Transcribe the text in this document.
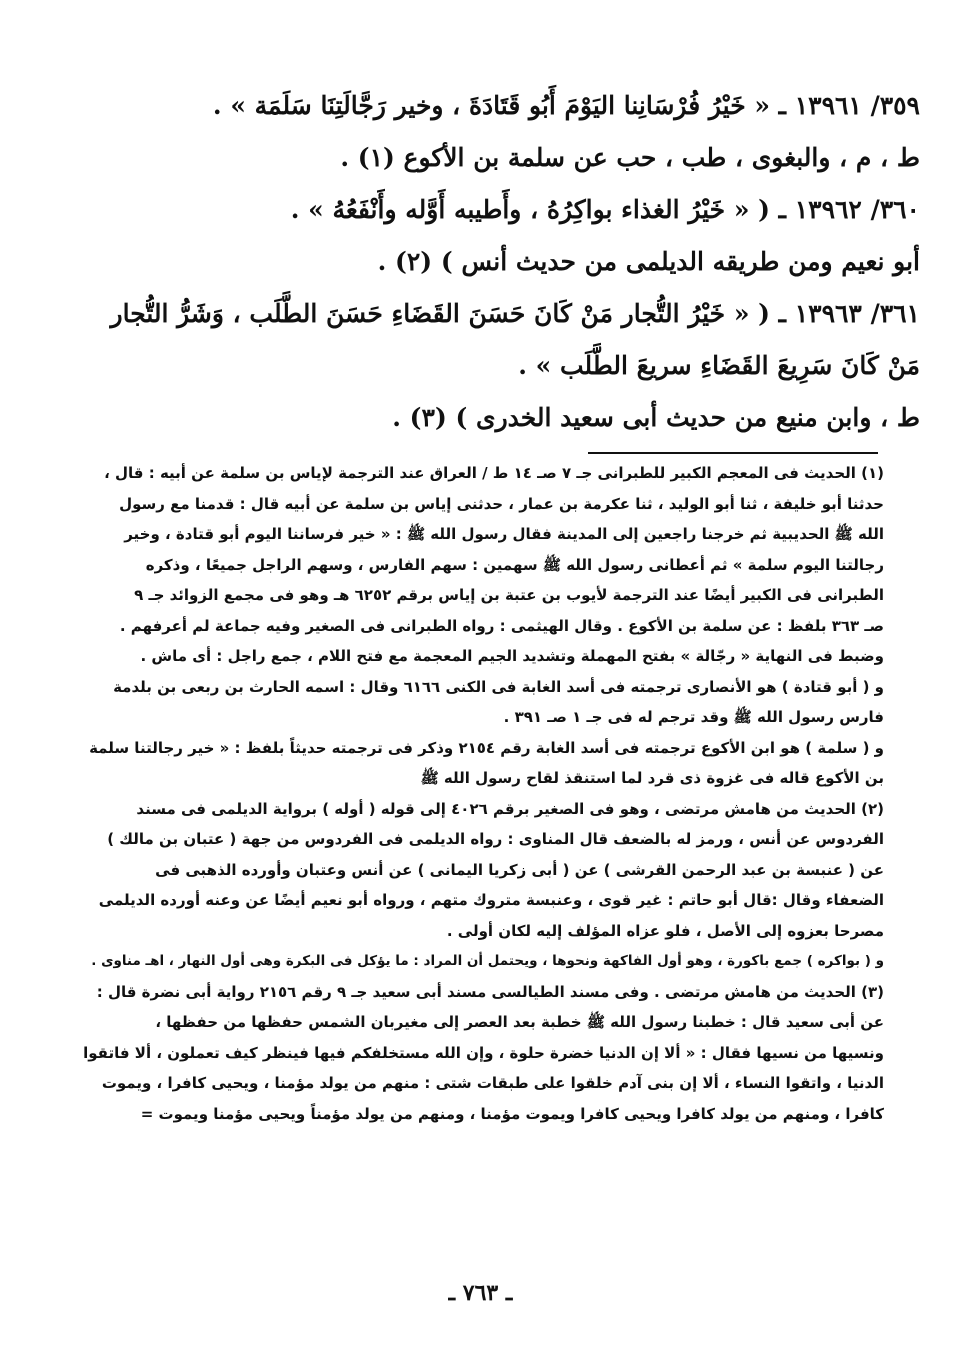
٣٥٩/ ١٣٩٦١ ـ « خَيْرُ فُرْسَانِنا اليَوْمَ أَبُو قَتَادَةَ ، وخير رَجَّالَتِنَا سَلَمَة » .
ط ، م ، والبغوى ، طب ، حب عن سلمة بن الأكوع (١) .
٣٦٠/ ١٣٩٦٢ ـ ( « خَيْرُ الغذاء بواكِرُهُ ، وأَطيبه أَوَّله وأَنْفَعُهُ » .
أبو نعيم ومن طريقه الديلمى من حديث أنس ) (٢) .
٣٦١/ ١٣٩٦٣ ـ ( « خَيْرُ التُّجار مَنْ كَانَ حَسَنَ القَضَاءِ حَسَنَ الطَّلَب ، وَشَرُّ التُّجار
مَنْ كَانَ سَرِيعَ القَضَاءِ سريعَ الطَّلَب » .
ط ، وابن منيع من حديث أبى سعيد الخدرى ) (٣) .
(١) الحديث فى المعجم الكبير للطبرانى جـ ٧ صـ ١٤ ط / العراق عند الترجمة لإياس بن سلمة عن أبيه : قال ،
حدثنا أبو خليفة ، ثنا أبو الوليد ، ثنا عكرمة بن عمار ، حدثنى إياس بن سلمة عن أبيه قال : قدمنا مع رسول
الله ﷺ الحديبية ثم خرجنا راجعين إلى المدينة فقال رسول الله ﷺ : « خير فرساننا اليوم أبو قتادة ، وخير
رجالتنا اليوم سلمة » ثم أعطانى رسول الله ﷺ سهمين : سهم الفارس ، وسهم الراجل جميعًا ، وذكره
الطبرانى فى الكبير أيضًا عند الترجمة لأيوب بن عتبة بن إياس برقم ٦٢٥٢ هـ وهو فى مجمع الزوائد جـ ٩
صـ ٣٦٣ بلفظ : عن سلمة بن الأكوع . وقال الهيثمى : رواه الطبرانى فى الصغير وفيه جماعة لم أعرفهم .
وضبط فى النهاية « رجّالة » بفتح المهملة وتشديد الجيم المعجمة مع فتح اللام ، جمع راجل : أى ماش .
و ( أبو قتادة ) هو الأنصارى ترجمته فى أسد الغابة فى الكنى ٦١٦٦ وقال : اسمه الحارث بن ربعى بن بلدمة
فارس رسول الله ﷺ وقد ترجم له فى جـ ١ صـ ٣٩١ .
و ( سلمة ) هو ابن الأكوع ترجمته فى أسد الغابة رقم ٢١٥٤ وذكر فى ترجمته حديثاً بلفظ : « خير رجالتنا سلمة
بن الأكوع قاله فى غزوة ذى قرد لما استنقذ لقاح رسول الله ﷺ
(٢) الحديث من هامش مرتضى ، وهو فى الصغير برقم ٤٠٢٦ إلى قوله ( أوله ) برواية الديلمى فى مسند
الفردوس عن أنس ، ورمز له بالضعف قال المناوى : رواه الديلمى فى الفردوس من جهة ( عتبان بن مالك )
عن ( عنبسة بن عبد الرحمن القرشى ) عن ( أبى زكريا اليمانى ) عن أنس وعتبان وأورده الذهبى فى
الضعفاء وقال :قال أبو حاتم : غير قوى ، وعنبسة متروك متهم ، ورواه أبو نعيم أيضًا عن وعنه أورده الديلمى
مصرحا بعزوه إلى الأصل ، فلو عزاه المؤلف إليه لكان أولى .
و ( بواكره ) جمع باكورة ، وهو أول الفاكهة ونحوها ، ويحتمل أن المراد : ما يؤكل فى البكرة وهى أول النهار ، اهـ مناوى .
(٣) الحديث من هامش مرتضى . وفى مسند الطيالسى مسند أبى سعيد جـ ٩ رقم ٢١٥٦ رواية أبى نضرة قال :
عن أبى سعيد قال : خطبنا رسول الله ﷺ خطبة بعد العصر إلى مغيربان الشمس حفظها من حفظها ،
ونسيها من نسيها فقال : « ألا إن الدنيا خضرة حلوة ، وإن الله مستخلفكم فيها فينظر كيف تعملون ، ألا فاتقوا
الدنيا ، واتقوا النساء ، ألا إن بنى آدم خلقوا على طبقات شتى : منهم من يولد مؤمنا ، ويحيى كافرا ، ويموت
كافرا ، ومنهم من يولد كافرا ويحيى كافرا ويموت مؤمنا ، ومنهم من يولد مؤمناً ويحيى مؤمنا ويموت =
ـ ٧٦٣ ـ
